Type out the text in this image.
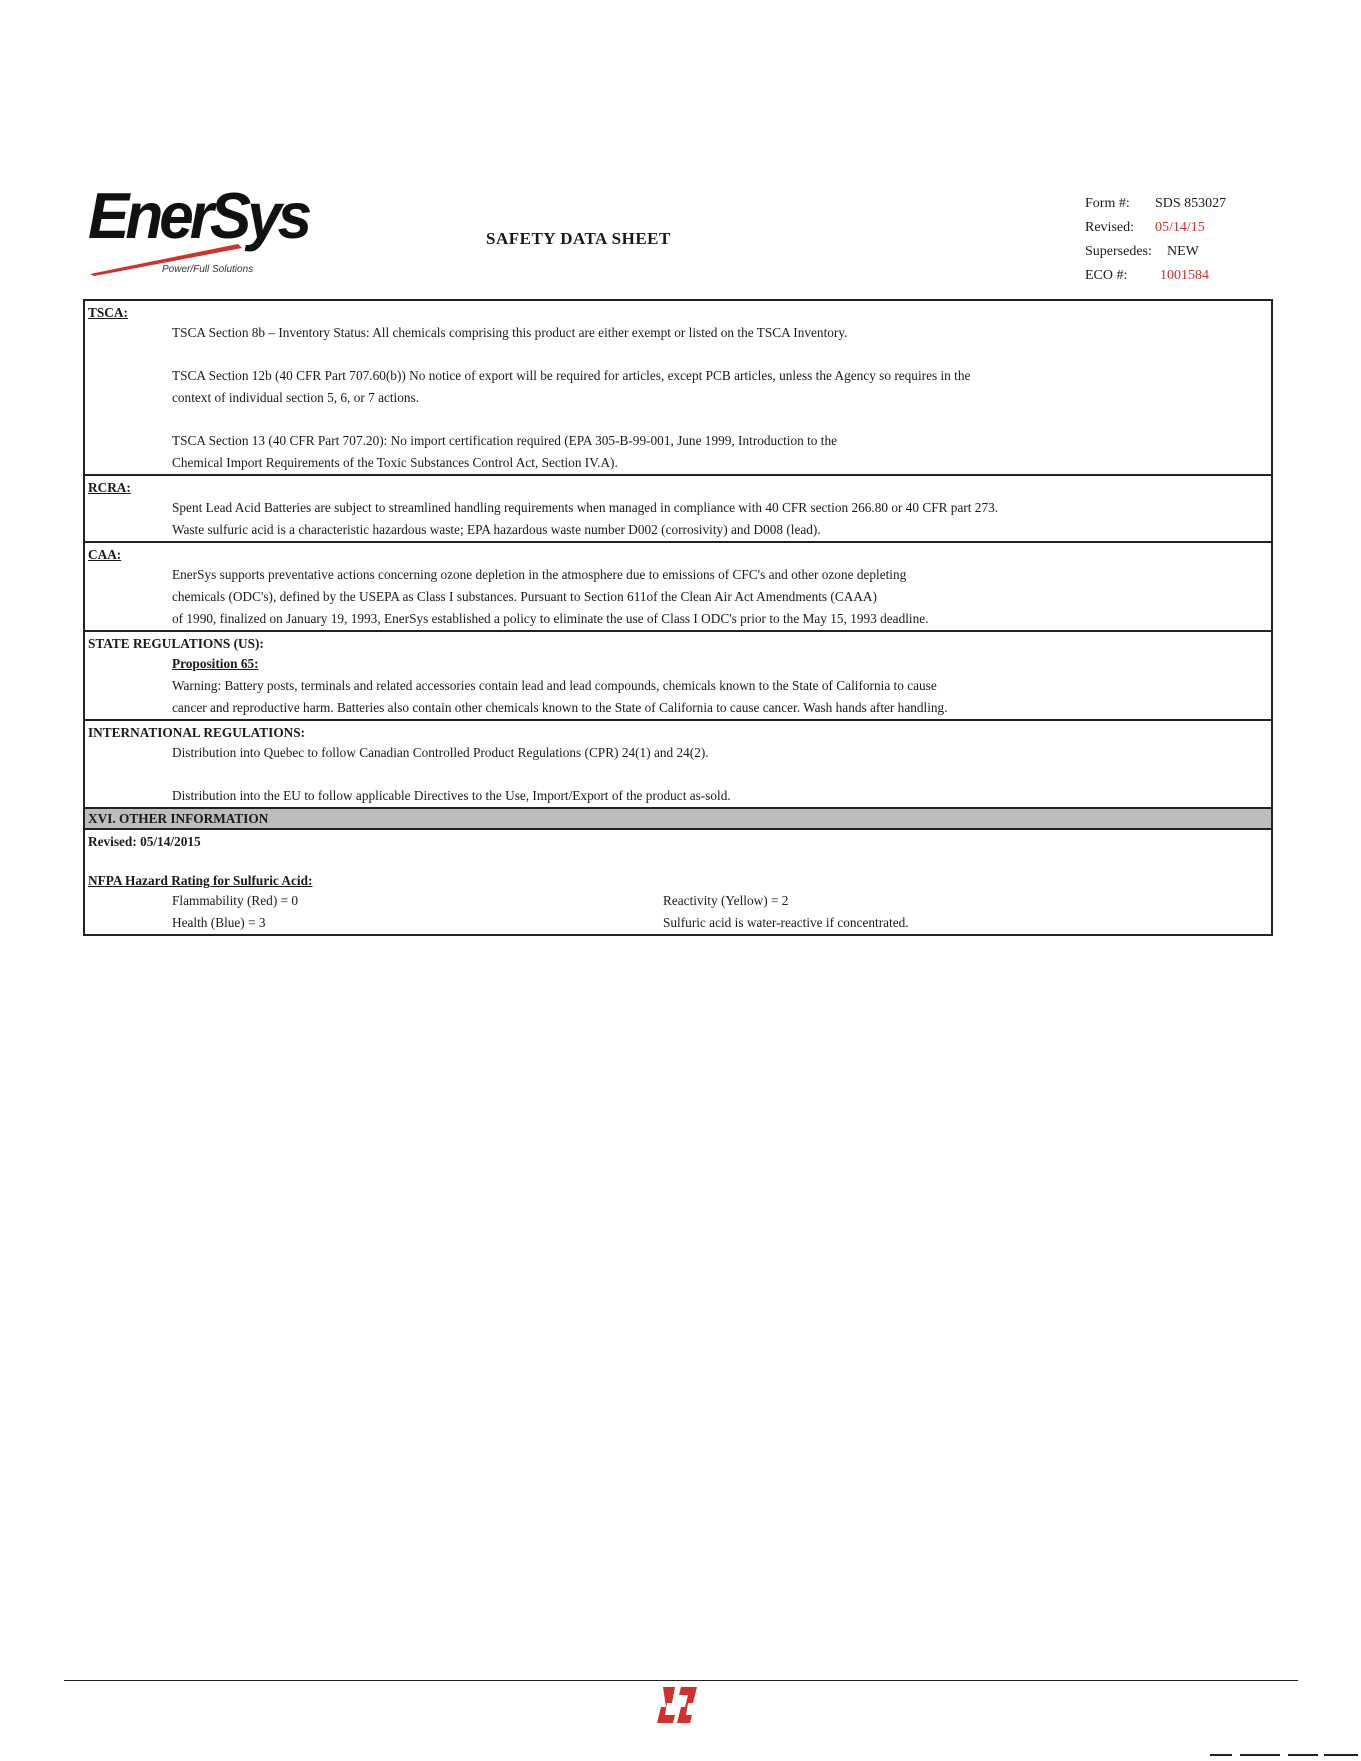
EnerSys
Power/Full Solutions
SAFETY DATA SHEET
Form #:	SDS 853027
Revised:	05/14/15
Supersedes:	NEW
ECO #:	1001584
TSCA:
TSCA Section 8b – Inventory Status: All chemicals comprising this product are either exempt or listed on the TSCA Inventory.
TSCA Section 12b (40 CFR Part 707.60(b)) No notice of export will be required for articles, except PCB articles, unless the Agency so requires in the
context of individual section 5, 6, or 7 actions.
TSCA Section 13 (40 CFR Part 707.20): No import certification required (EPA 305-B-99-001, June 1999, Introduction to the
Chemical Import Requirements of the Toxic Substances Control Act, Section IV.A).
RCRA:
Spent Lead Acid Batteries are subject to streamlined handling requirements when managed in compliance with 40 CFR section 266.80 or 40 CFR part 273.
Waste sulfuric acid is a characteristic hazardous waste; EPA hazardous waste number D002 (corrosivity) and D008 (lead).
CAA:
EnerSys supports preventative actions concerning ozone depletion in the atmosphere due to emissions of CFC's and other ozone depleting
chemicals (ODC's), defined by the USEPA as Class I substances. Pursuant to Section 611of the Clean Air Act Amendments (CAAA)
of 1990, finalized on January 19, 1993, EnerSys established a policy to eliminate the use of Class I ODC's prior to the May 15, 1993 deadline.
STATE REGULATIONS (US):
Proposition 65:
Warning: Battery posts, terminals and related accessories contain lead and lead compounds, chemicals known to the State of California to cause
cancer and reproductive harm. Batteries also contain other chemicals known to the State of California to cause cancer. Wash hands after handling.
INTERNATIONAL REGULATIONS:
Distribution into Quebec to follow Canadian Controlled Product Regulations (CPR) 24(1) and 24(2).
Distribution into the EU to follow applicable Directives to the Use, Import/Export of the product as-sold.
XVI. OTHER INFORMATION
Revised: 05/14/2015
NFPA Hazard Rating for Sulfuric Acid:
Flammability (Red) = 0	Reactivity (Yellow) = 2
Health (Blue) = 3	Sulfuric acid is water-reactive if concentrated.
